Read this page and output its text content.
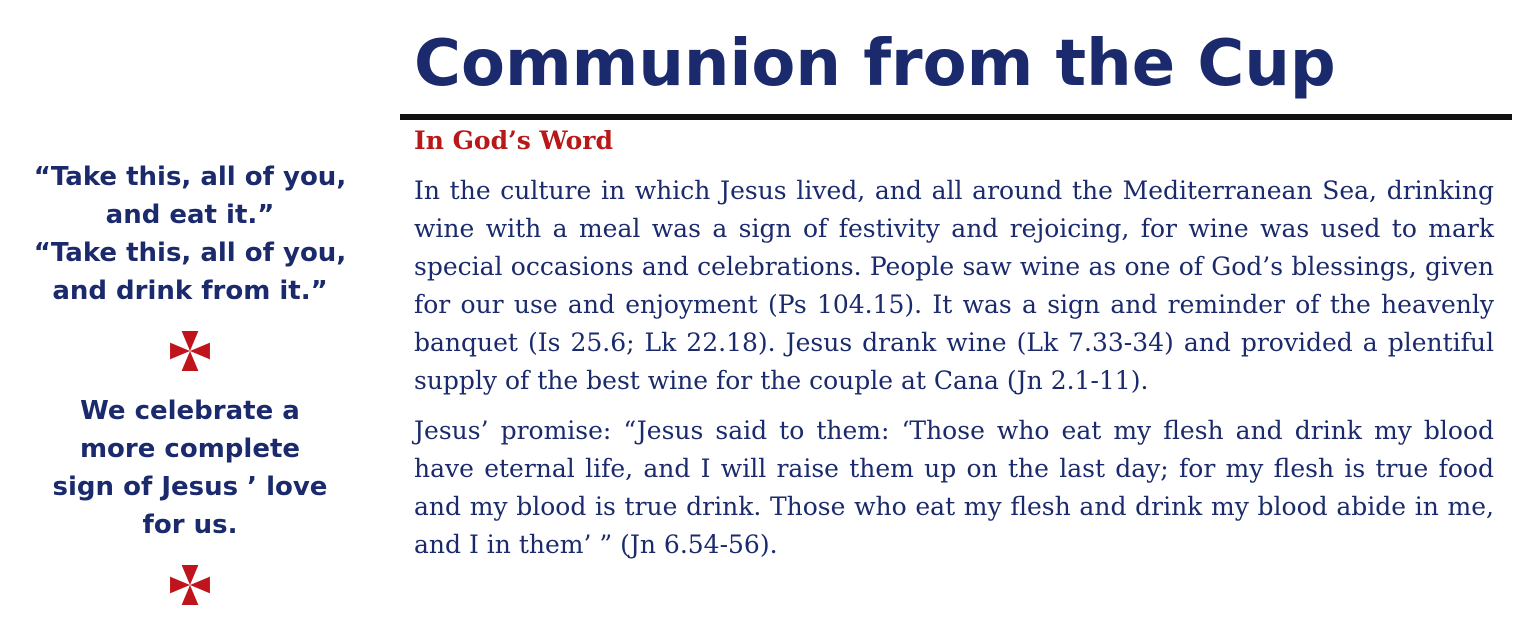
“Take this, all of you, and eat it.”

“Take this, all of you, and drink from it.”

We celebrate a more complete sign of Jesus ’ love for us.

Communion from the Cup
In God’s Word

In the culture in which Jesus lived, and all around the Mediterranean Sea, drinking wine with a meal was a sign of festivity and rejoicing, for wine was used to mark special occasions and celebrations. People saw wine as one of God’s blessings, given for our use and enjoyment (Ps 104.15). It was a sign and reminder of the heavenly banquet (Is 25.6; Lk 22.18). Jesus drank wine (Lk 7.33-34) and provided a plentiful supply of the best wine for the couple at Cana (Jn 2.1-11).

Jesus’ promise: “Jesus said to them: ‘Those who eat my flesh and drink my blood have eternal life, and I will raise them up on the last day; for my flesh is true food and my blood is true drink. Those who eat my flesh and drink my blood abide in me, and I in them’ ” (Jn 6.54-56).
